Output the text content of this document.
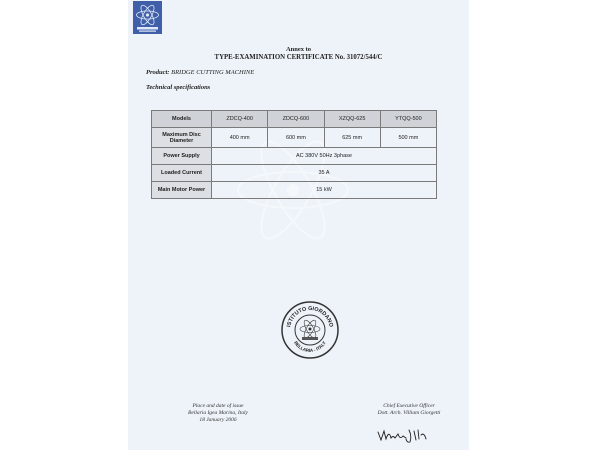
Annex to
TYPE-EXAMINATION CERTIFICATE No. 31072/544/C
Product: BRIDGE CUTTING MACHINE
Technical specifications
Models	ZDCQ-400	ZDCQ-600	XZQQ-625	YTQQ-500

Maximum Disc
Diameter	400 mm	600 mm	625 mm	500 mm
Power Supply	AC 380V 50Hz 3phase			
Loaded Current	35 A			
Main Motor Power	15 kW			
ISTITUTO GIORDANO
BELLARIA - ITALY
Place and date of issue
Bellaria Igea Marina, Italy
18 January 2006
Chief Executive Officer
Dott. Arch. Villiam Giorgetti
